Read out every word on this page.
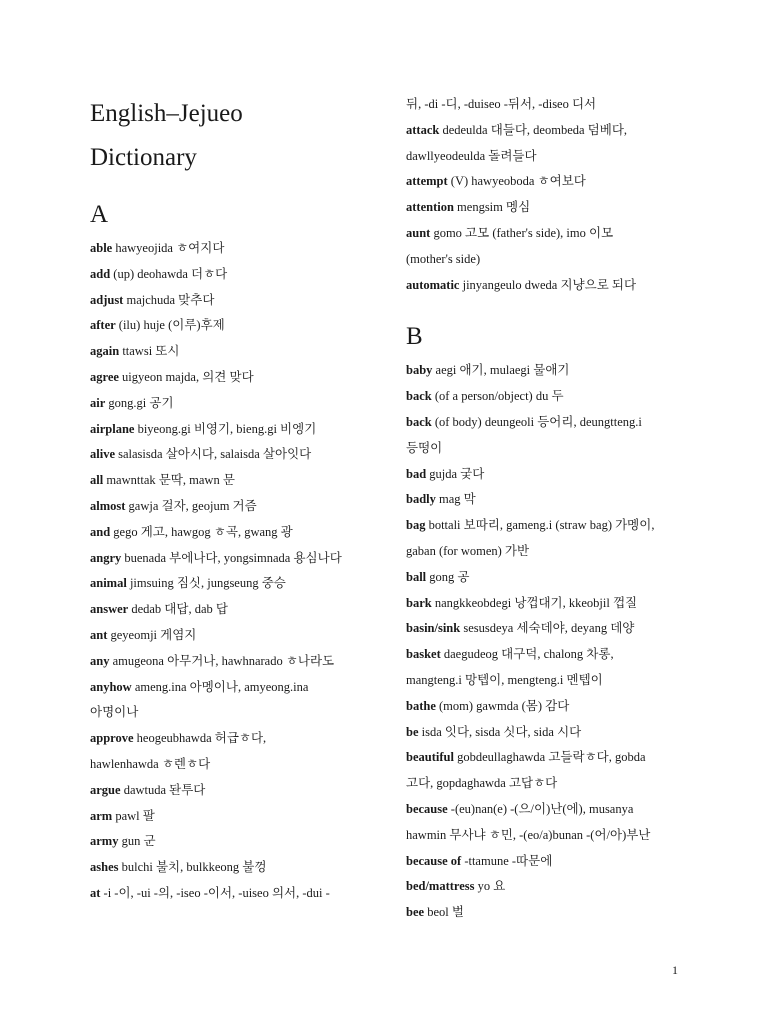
English–Jejueo
Dictionary
A
able hawyeojida ㅎ여지다
add (up) deohawda 더ㅎ다
adjust majchuda 맞추다
after (ilu) huje (이루)후제
again ttawsi 또시
agree uigyeon majda, 의견 맞다
air gong.gi 공기
airplane biyeong.gi 비영기, bieng.gi 비엥기
alive salasisda 살아시다, salaisda 살아잇다
all mawnttak 문딱, mawn 문
almost gawja 걸자, geojum 거즘
and gego 게고, hawgog ㅎ곡, gwang 광
angry buenada 부에나다, yongsimnada 용심나다
animal jimsuing 짐싯, jungseung 중승
answer dedab 대답, dab 답
ant geyeomji 게염지
any amugeona 아무거나, hawhnarado ㅎ나라도
anyhow ameng.ina 아멩이나, amyeong.ina
아명이나
approve heogeubhawda 허급ㅎ다,
hawlenhawda ㅎ렌ㅎ다
argue dawtuda 돤투다
arm pawl 팔
army gun 군
ashes bulchi 불치, bulkkeong 불껑
at -i -이, -ui -의, -iseo -이서, -uiseo 의서, -dui -
뒤, -di -디, -duiseo -뒤서, -diseo 디서
attack dedeulda 대들다, deombeda 덤베다,
dawllyeodeulda 돌려들다
attempt (V) hawyeoboda ㅎ여보다
attention mengsim 멩심
aunt gomo 고모 (father's side), imo 이모
(mother's side)
automatic jinyangeulo dweda 지냥으로 되다
B
baby aegi 애기, mulaegi 물애기
back (of a person/object) du 두
back (of body) deungeoli 등어리, deungtteng.i
등떵이
bad gujda 궂다
badly mag 막
bag bottali 보따리, gameng.i (straw bag) 가멩이,
gaban (for women) 가반
ball gong 공
bark nangkkeobdegi 낭껍대기, kkeobjil 껍질
basin/sink sesusdeya 세숙데야, deyang 데양
basket daegudeog 대구덕, chalong 차롱,
mangteng.i 망텝이, mengteng.i 멘텝이
bathe (mom) gawmda (몸) 감다
be isda 잇다, sisda 싯다, sida 시다
beautiful gobdeullaghawda 고들락ㅎ다, gobda
고다, gopdaghawda 고답ㅎ다
because -(eu)nan(e) -(으/이)난(에), musanya
hawmin 무사냐 ㅎ민, -(eo/a)bunan -(어/아)부난
because of -ttamune -따문에
bed/mattress yo 요
bee beol 벌
1
